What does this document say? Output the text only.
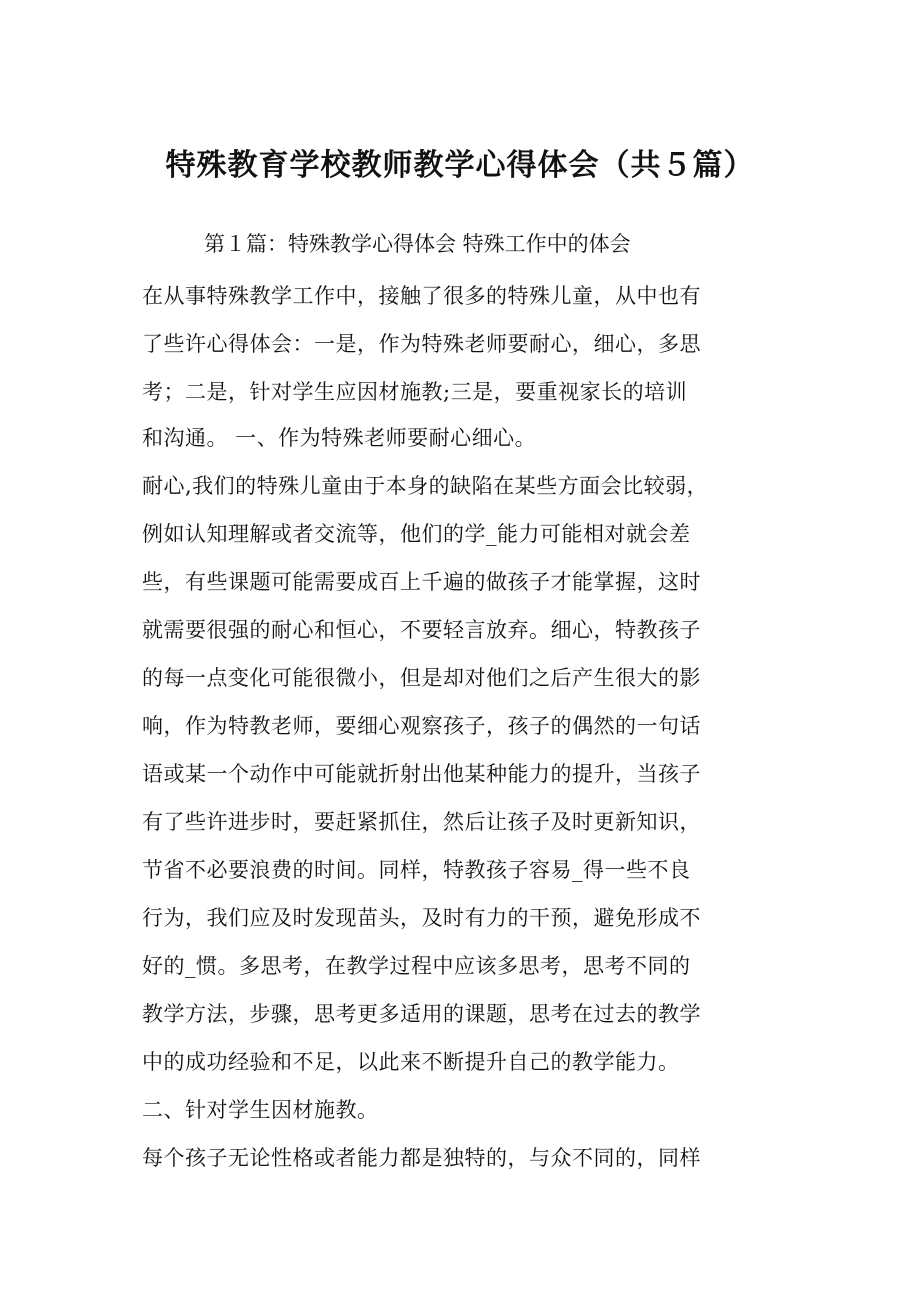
特殊教育学校教师教学心得体会（共５篇）
第１篇：特殊教学心得体会 特殊工作中的体会
在从事特殊教学工作中，接触了很多的特殊儿童，从中也有
了些许心得体会：一是，作为特殊老师要耐心，细心，多思
考；二是，针对学生应因材施教;三是，要重视家长的培训
和沟通。 一、作为特殊老师要耐心细心。
耐心,我们的特殊儿童由于本身的缺陷在某些方面会比较弱，
例如认知理解或者交流等，他们的学_能力可能相对就会差
些，有些课题可能需要成百上千遍的做孩子才能掌握，这时
就需要很强的耐心和恒心，不要轻言放弃。细心，特教孩子
的每一点变化可能很微小，但是却对他们之后产生很大的影
响，作为特教老师，要细心观察孩子，孩子的偶然的一句话
语或某一个动作中可能就折射出他某种能力的提升，当孩子
有了些许进步时，要赶紧抓住，然后让孩子及时更新知识，
节省不必要浪费的时间。同样，特教孩子容易_得一些不良
行为，我们应及时发现苗头，及时有力的干预，避免形成不
好的_惯。多思考，在教学过程中应该多思考，思考不同的
教学方法，步骤，思考更多适用的课题，思考在过去的教学
中的成功经验和不足，以此来不断提升自己的教学能力。
二、针对学生因材施教。
每个孩子无论性格或者能力都是独特的，与众不同的，同样
